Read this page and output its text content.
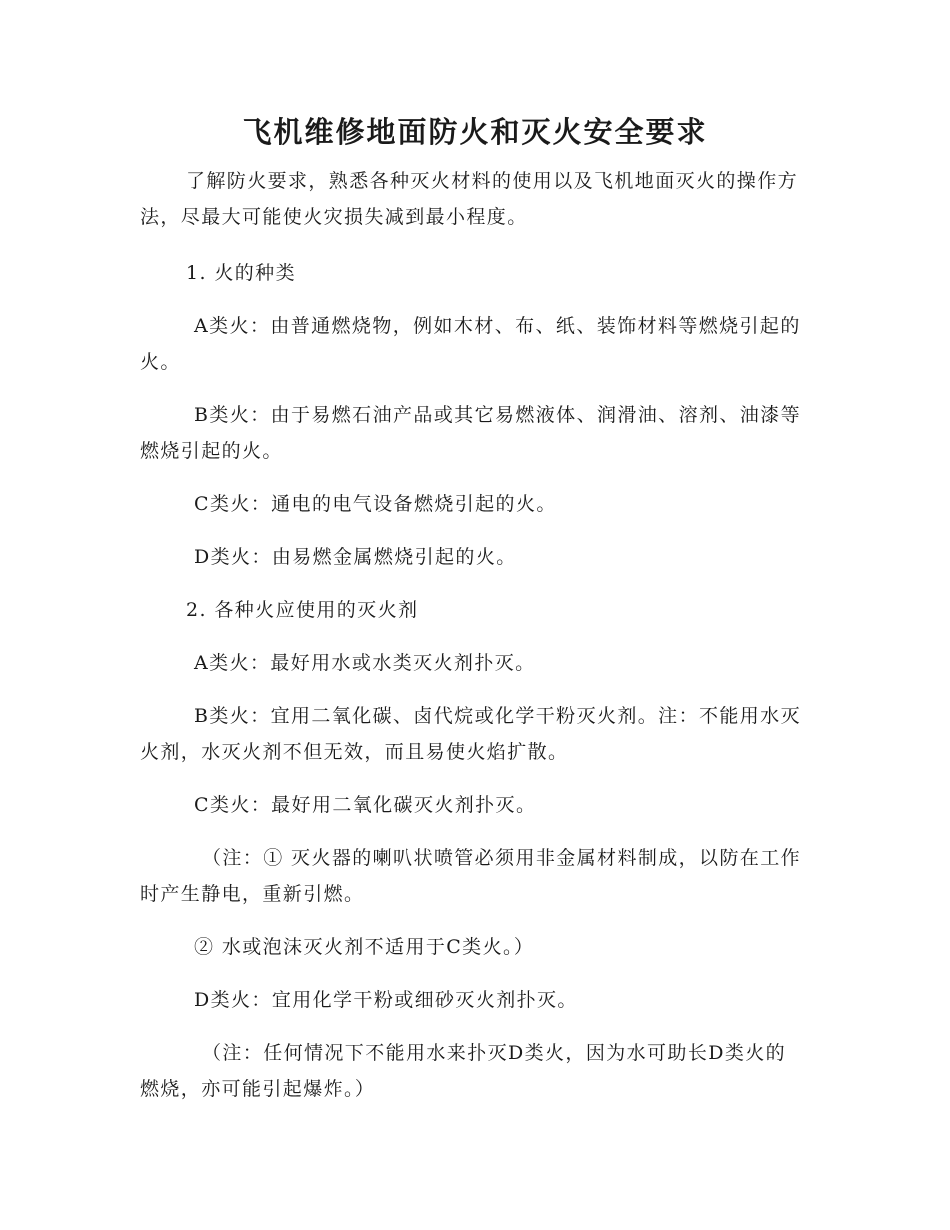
飞机维修地面防火和灭火安全要求

了解防火要求，熟悉各种灭火材料的使用以及飞机地面灭火的操作方法，尽最大可能使火灾损失减到最小程度。

1. 火的种类

A类火：由普通燃烧物，例如木材、布、纸、装饰材料等燃烧引起的火。

B类火：由于易燃石油产品或其它易燃液体、润滑油、溶剂、油漆等燃烧引起的火。

C类火：通电的电气设备燃烧引起的火。

D类火：由易燃金属燃烧引起的火。

2. 各种火应使用的灭火剂

A类火：最好用水或水类灭火剂扑灭。

B类火：宜用二氧化碳、卤代烷或化学干粉灭火剂。注：不能用水灭火剂，水灭火剂不但无效，而且易使火焰扩散。

C类火：最好用二氧化碳灭火剂扑灭。

（注：① 灭火器的喇叭状喷管必须用非金属材料制成，以防在工作时产生静电，重新引燃。

② 水或泡沫灭火剂不适用于C类火。）

D类火：宜用化学干粉或细砂灭火剂扑灭。

（注：任何情况下不能用水来扑灭D类火，因为水可助长D类火的燃烧，亦可能引起爆炸。）
